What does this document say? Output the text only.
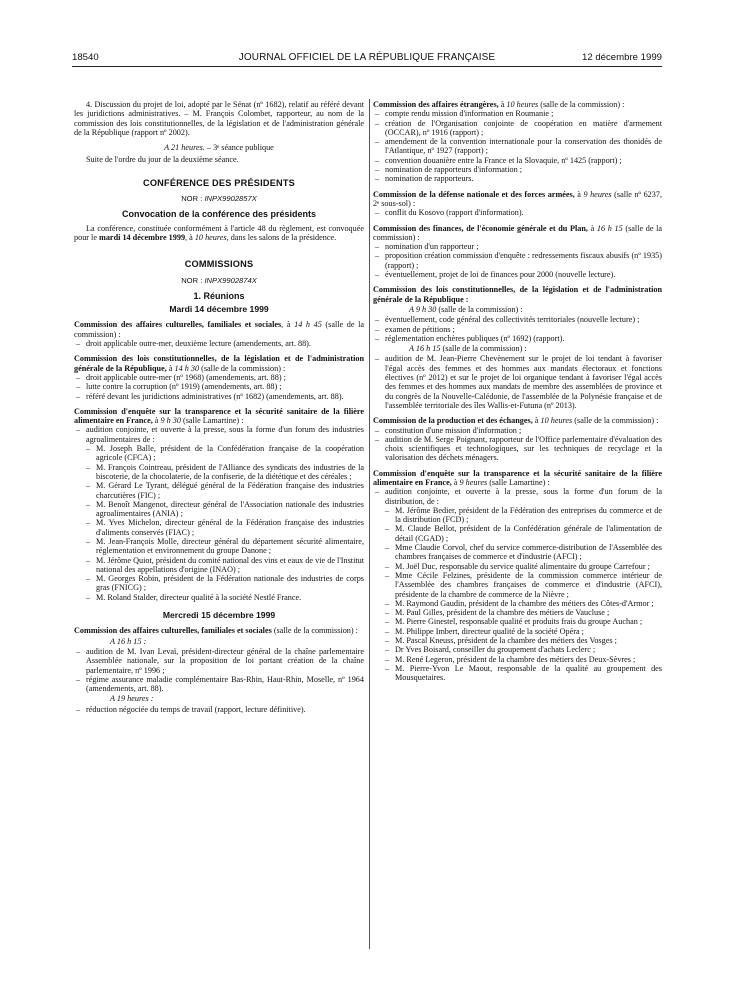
18540	JOURNAL OFFICIEL DE LA RÉPUBLIQUE FRANÇAISE	12 décembre 1999

4. Discussion du projet de loi, adopté par le Sénat (nº 1682), relatif au référé devant les juridictions administratives. – M. François Colombet, rapporteur, au nom de la commission des lois constitutionnelles, de la législation et de l'administration générale de la République (rapport nº 2002).

A 21 heures. – 3ᵉ séance publique

Suite de l'ordre du jour de la deuxième séance.

CONFÉRENCE DES PRÉSIDENTS
NOR : INPX9902857X
Convocation de la conférence des présidents

La conférence, constituée conformément à l'article 48 du règlement, est convoquée pour le mardi 14 décembre 1999, à 10 heures, dans les salons de la présidence.

COMMISSIONS
NOR : INPX9902874X
1. Réunions
Mardi 14 décembre 1999

Commission des affaires culturelles, familiales et sociales, à 14 h 45 (salle de la commission) :

– droit applicable outre-mer, deuxième lecture (amendements, art. 88).

Commission des lois constitutionnelles, de la législation et de l'administration générale de la République, à 14 h 30 (salle de la commission) :

– droit applicable outre-mer (nº 1968) (amendements, art. 88) ;
– lutte contre la corruption (nº 1919) (amendements, art. 88) ;
– référé devant les juridictions administratives (nº 1682) (amendements, art. 88).

Commission d'enquête sur la transparence et la sécurité sanitaire de la filière alimentaire en France, à 9 h 30 (salle Lamartine) :

– audition conjointe, et ouverte à la presse, sous la forme d'un forum des industries agroalimentaires de :
– M. Joseph Balle, président de la Confédération française de la coopération agricole (CFCA) ;
– M. François Cointreau, président de l'Alliance des syndicats des industries de la biscoterie, de la chocolaterie, de la confiserie, de la diététique et des céréales ;
– M. Gérard Le Tyrant, délégué général de la Fédération française des industries charcutières (FIC) ;
– M. Benoît Mangenot, directeur général de l'Association nationale des industries agroalimentaires (ANIA) ;
– M. Yves Michelon, directeur général de la Fédération française des industries d'aliments conservés (FIAC) ;
– M. Jean-François Molle, directeur général du département sécurité alimentaire, réglementation et environnement du groupe Danone ;
– M. Jérôme Quiot, président du comité national des vins et eaux de vie de l'Institut national des appellations d'origine (INAO) ;
– M. Georges Robin, président de la Fédération nationale des industries de corps gras (FNICG) ;
– M. Roland Stalder, directeur qualité à la société Nestlé France.
Mercredi 15 décembre 1999

Commission des affaires culturelles, familiales et sociales (salle de la commission) :

A 16 h 15 :

– audition de M. Ivan Levaï, président-directeur général de la chaîne parlementaire Assemblée nationale, sur la proposition de loi portant création de la chaîne parlementaire, nº 1996 ;
– régime assurance maladie complémentaire Bas-Rhin, Haut-Rhin, Moselle, nº 1964 (amendements, art. 88).

A 19 heures :

– réduction négociée du temps de travail (rapport, lecture définitive).

Commission des affaires étrangères, à 10 heures (salle de la commission) :

– compte rendu mission d'information en Roumanie ;
– création de l'Organisation conjointe de coopération en matière d'armement (OCCAR), nº 1916 (rapport) ;
– amendement de la convention internationale pour la conservation des thonidés de l'Atlantique, nº 1927 (rapport) ;
– convention douanière entre la France et la Slovaquie, nº 1425 (rapport) ;
– nomination de rapporteurs d'information ;
– nomination de rapporteurs.

Commission de la défense nationale et des forces armées, à 9 heures (salle nº 6237, 2ᵉ sous-sol) :

– conflit du Kosovo (rapport d'information).

Commission des finances, de l'économie générale et du Plan, à 16 h 15 (salle de la commission) :

– nomination d'un rapporteur ;
– proposition création commission d'enquête : redressements fiscaux abusifs (nº 1935) (rapport) ;
– éventuellement, projet de loi de finances pour 2000 (nouvelle lecture).

Commission des lois constitutionnelles, de la législation et de l'administration générale de la République :

A 9 h 30 (salle de la commission) :

– éventuellement, code général des collectivités territoriales (nouvelle lecture) ;
– examen de pétitions ;
– réglementation enchères publiques (nº 1692) (rapport).

A 16 h 15 (salle de la commission) :

– audition de M. Jean-Pierre Chevènement sur le projet de loi tendant à favoriser l'égal accès des femmes et des hommes aux mandats électoraux et fonctions électives (nº 2012) et sur le projet de loi organique tendant à favoriser l'égal accès des femmes et des hommes aux mandats de membre des assemblées de province et du congrès de la Nouvelle-Calédonie, de l'assemblée de la Polynésie française et de l'assemblée territoriale des îles Wallis-et-Futuna (nº 2013).

Commission de la production et des échanges, à 10 heures (salle de la commission) :

– constitution d'une mission d'information ;
– audition de M. Serge Poignant, rapporteur de l'Office parlementaire d'évaluation des choix scientifiques et technologiques, sur les techniques de recyclage et la valorisation des déchets ménagers.

Commission d'enquête sur la transparence et la sécurité sanitaire de la filière alimentaire en France, à 9 heures (salle Lamartine) :

– audition conjointe, et ouverte à la presse, sous la forme d'un forum de la distribution, de :
– M. Jérôme Bedier, président de la Fédération des entreprises du commerce et de la distribution (FCD) ;
– M. Claude Bellot, président de la Confédération générale de l'alimentation de détail (CGAD) ;
– Mme Claudie Corvol, chef du service commerce-distribution de l'Assemblée des chambres françaises de commerce et d'industrie (AFCI) ;
– M. Joël Duc, responsable du service qualité alimentaire du groupe Carrefour ;
– Mme Cécile Felzines, présidente de la commission commerce intérieur de l'Assemblée des chambres françaises de commerce et d'industrie (AFCI), présidente de la chambre de commerce de la Nièvre ;
– M. Raymond Gaudin, président de la chambre des métiers des Côtes-d'Armor ;
– M. Paul Gilles, président de la chambre des métiers de Vaucluse ;
– M. Pierre Ginestel, responsable qualité et produits frais du groupe Auchan ;
– M. Philippe Imbert, directeur qualité de la société Opéra ;
– M. Pascal Kneuss, président de la chambre des métiers des Vosges ;
– Dr Yves Boisard, conseiller du groupement d'achats Leclerc ;
– M. René Legeron, président de la chambre des métiers des Deux-Sèvres ;
– M. Pierre-Yvon Le Maout, responsable de la qualité au groupement des Mousquetaires.
